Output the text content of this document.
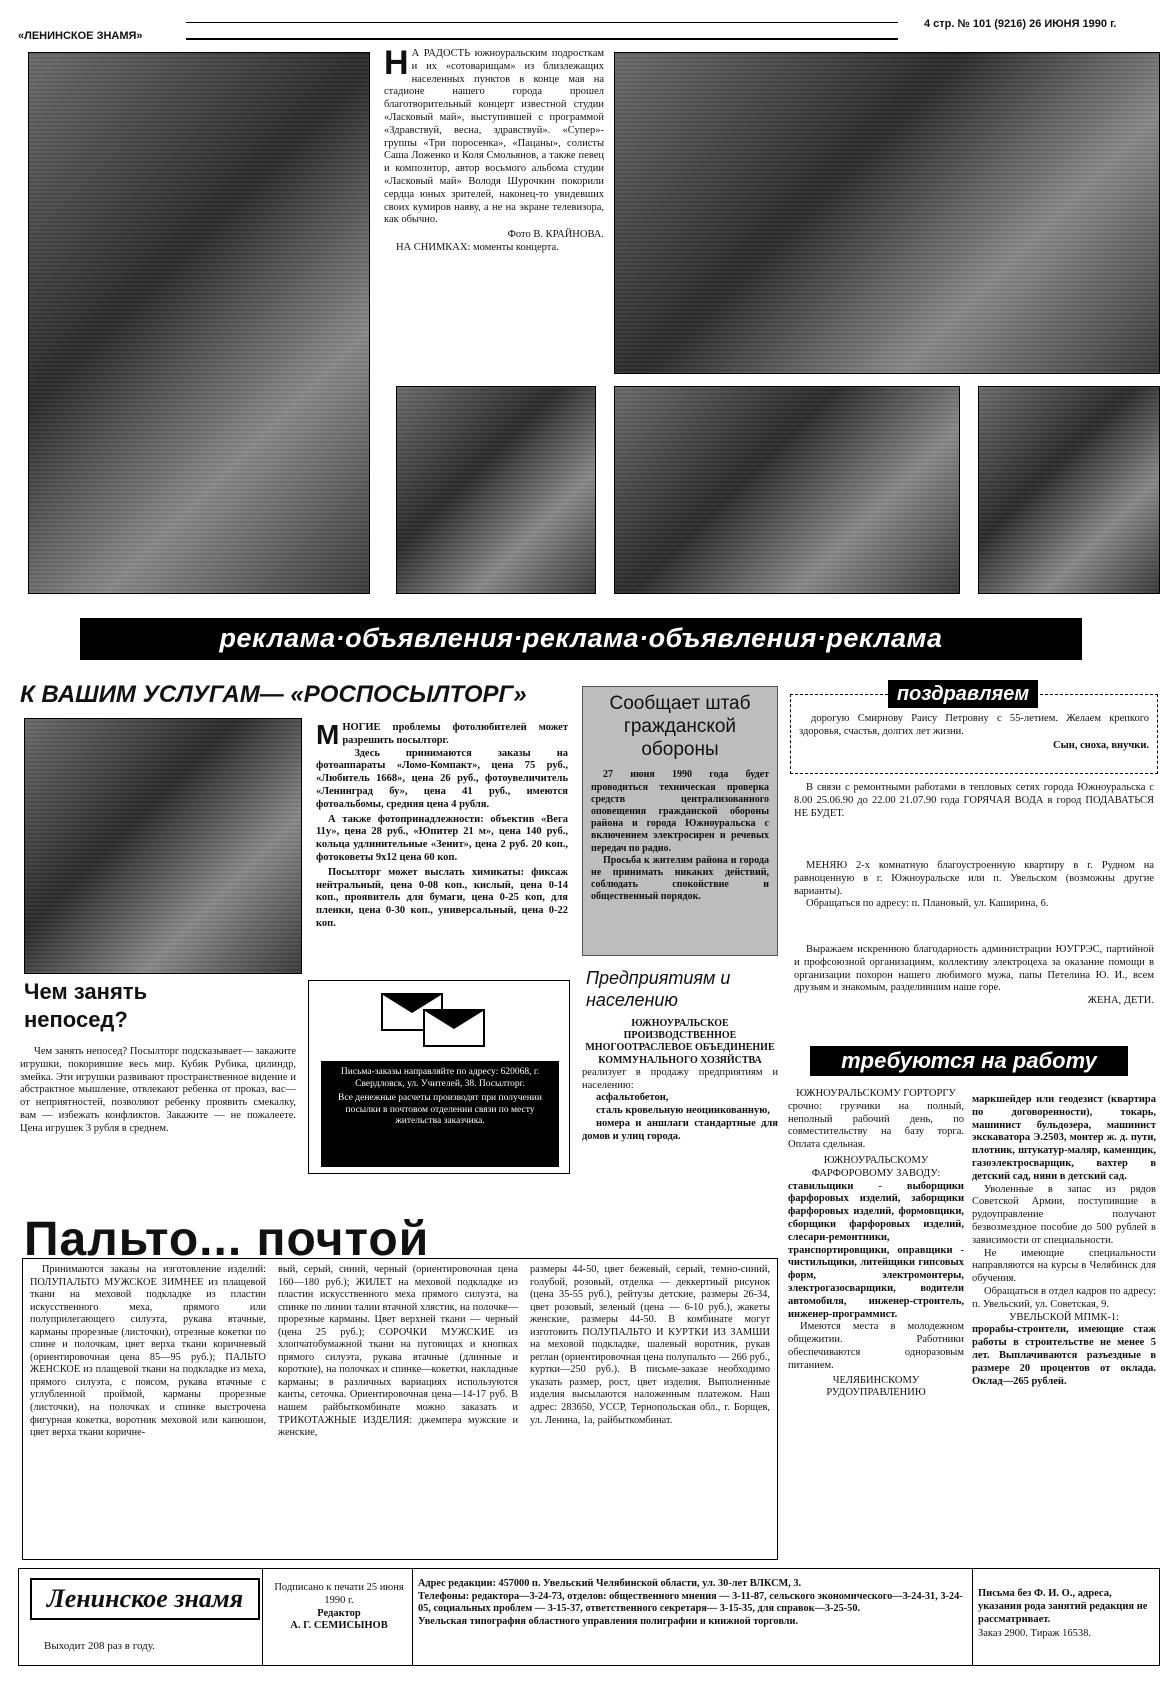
«ЛЕНИНСКОЕ ЗНАМЯ»
4 стр. № 101 (9216) 26 ИЮНЯ 1990 г.
Н А РАДОСТЬ южноуральским подросткам и их «сотоварищам» из близлежащих населенных пунктов в конце мая на стадионе нашего города прошел благотворительный концерт известной студии «Ласковый май», выступившей с программой «Здравствуй, весна, здравствуй». «Супер»-группы «Три поросенка», «Пацаны», солисты Саша Ложенко и Коля Смольянов, а также певец и композитор, автор восьмого альбома студии «Ласковый май» Володя Шурочкин покорили сердца юных зрителей, наконец-то увидевших своих кумиров наяву, а не на экране телевизора, как обычно.
Фото В. КРАЙНОВА.
НА СНИМКАХ: моменты концерта.
реклама·объявления·реклама·объявления·реклама
К ВАШИМ УСЛУГАМ— «РОСПОСЫЛТОРГ»
М НОГИЕ проблемы фотолюбителей может разрешить посылторг.

Здесь принимаются заказы на фотоаппараты «Ломо-Компакт», цена 75 руб., «Любитель 1668», цена 26 руб., фотоувеличитель «Ленинград бу», цена 41 руб., имеются фотоальбомы, средняя цена 4 рубля.

А также фотопринадлежности: объектив «Вега 11у», цена 28 руб., «Юпитер 21 м», цена 140 руб., кольца удлинительные «Зенит», цена 2 руб. 20 коп., фотоковеты 9х12 цена 60 коп.

Посылторг может выслать химикаты: фиксаж нейтральный, цена 0-08 коп., кислый, цена 0-14 коп., проявитель для бумаги, цена 0-25 коп, для пленки, цена 0-30 коп., универсальный, цена 0-22 коп.

Чем занять непосед?
Чем занять непосед? Посылторг подсказывает— закажите игрушки, покорившие весь мир. Кубик Рубика, цилиндр, змейка. Эти игрушки развивают пространственное видение и абстрактное мышление, отвлекают ребенка от проказ, вас—от неприятностей, позволяют ребенку проявить смекалку, вам — избежать конфликтов. Закажите — не пожалеете. Цена игрушек 3 рубля в среднем.
Письма-заказы направляйте по адресу: 620068, г. Свердловск, ул. Учителей, 38. Посылторг.
Все денежные расчеты производят при получении посылки в почтовом отделении связи по месту жительства заказчика.
Сообщает штаб гражданской обороны
27 июня 1990 года будет проводиться техническая проверка средств централизованного оповещения гражданской обороны района и города Южноуральска с включением электросирен и речевых передач по радио.
Просьба к жителям района и города не принимать никаких действий, соблюдать спокойствие и общественный порядок.
Предприятиям и населению
ЮЖНОУРАЛЬСКОЕ ПРОИЗВОДСТВЕННОЕ МНОГООТРАСЛЕВОЕ ОБЪЕДИНЕНИЕ КОММУНАЛЬНОГО ХОЗЯЙСТВА
реализует в продажу предприятиям и населению:
асфальтобетон,
сталь кровельную неоцинкованную,
номера и аншлаги стандартные для домов и улиц города.
дорогую Смирнову Раису Петровну с 55-летием. Желаем крепкого здоровья, счастья, долгих лет жизни.
Сын, сноха, внучки.
поздравляем
В связи с ремонтными работами в тепловых сетях города Южноуральска с 8.00 25.06.90 до 22.00 21.07.90 года ГОРЯЧАЯ ВОДА в город ПОДАВАТЬСЯ НЕ БУДЕТ.
МЕНЯЮ 2-х комнатную благоустроенную квартиру в г. Рудном на равноценную в г. Южноуральске или п. Увельском (возможны другие варианты).
Обращаться по адресу: п. Плановый, ул. Каширина, 6.
Выражаем искреннюю благодарность администрации ЮУГРЭС, партийной и профсоюзной организациям, коллективу электроцеха за оказание помощи в организации похорон нашего любимого мужа, папы Петелина Ю. И., всем друзьям и знакомым, разделившим наше горе.
ЖЕНА, ДЕТИ.
требуются на работу
ЮЖНОУРАЛЬСКОМУ ГОРТОРГУ
срочно: грузчики на полный, неполный рабочий день, по совместительству на базу торга. Оплата сдельная.
ЮЖНОУРАЛЬСКОМУ ФАРФОРОВОМУ ЗАВОДУ:
ставильщики - выборщики фарфоровых изделий, заборщики фарфоровых изделий, формовщики, сборщики фарфоровых изделий, слесари-ремонтники, транспортировщики, оправщики - чистильщики, литейщики гипсовых форм, электромонтеры, электрогазосварщики, водители автомобиля, инженер-строитель, инженер-программист.
Имеются места в молодежном общежитии. Работники обеспечиваются одноразовым питанием.
ЧЕЛЯБИНСКОМУ РУДОУПРАВЛЕНИЮ
маркшейдер или геодезист (квартира по договоренности), токарь, машинист бульдозера, машинист экскаватора Э.2503, монтер ж. д. пути, плотник, штукатур-маляр, каменщик, газоэлектросварщик, вахтер в детский сад, няни в детский сад.
Уволенные в запас из рядов Советской Армии, поступившие в рудоуправление получают безвозмездное пособие до 500 рублей в зависимости от специальности.
Не имеющие специальности направляются на курсы в Челябинск для обучения.
Обращаться в отдел кадров по адресу: п. Увельский, ул. Советская, 9.
УВЕЛЬСКОЙ МПМК-1:
прорабы-строители, имеющие стаж работы в строительстве не менее 5 лет. Выплачиваются разъездные в размере 20 процентов от оклада. Оклад—265 рублей.
Пальто... почтой
Принимаются заказы на изготовление изделий: ПОЛУПАЛЬТО МУЖСКОЕ ЗИМНЕЕ из плащевой ткани на меховой подкладке из пластин искусственного меха, прямого или полуприлегающего силуэта, рукава втачные, карманы прорезные (листочки), отрезные кокетки по спине и полочкам, цвет верха ткани коричневый (ориентировочная цена 85—95 руб.); ПАЛЬТО ЖЕНСКОЕ из плащевой ткани на подкладке из меха, прямого силуэта, с поясом, рукава втачные с углубленной проймой, карманы прорезные (листочки), на полочках и спинке выстрочена фигурная кокетка, воротник меховой или капюшон, цвет верха ткани коричне-
вый, серый, синий, черный (ориентировочная цена 160—180 руб.); ЖИЛЕТ на меховой подкладке из пластин искусственного меха прямого силуэта, на спинке по линии талии втачной хлястик, на полочке—прорезные карманы. Цвет верхней ткани — черный (цена 25 руб.); СОРОЧКИ МУЖСКИЕ из хлопчатобумажной ткани на пуговицах и кнопках прямого силуэта, рукава втачные (длинные и короткие), на полочках и спинке—кокетки, накладные карманы; в различных вариациях используются канты, сеточка. Ориентировочная цена—14-17 руб. В нашем райбыткомбинате можно заказать и ТРИКОТАЖНЫЕ ИЗДЕЛИЯ: джемпера мужские и женские,
размеры 44-50, цвет бежевый, серый, темно-синий, голубой, розовый, отделка — деккертный рисунок (цена 35-55 руб.), рейтузы детские, размеры 26-34, цвет розовый, зеленый (цена — 6-10 руб.), жакеты женские, размеры 44-50. В комбинате могут изготовить ПОЛУПАЛЬТО И КУРТКИ ИЗ ЗАМШИ на меховой подкладке, шалевый воротник, рукав реглан (ориентировочная цена полупальто — 266 руб., куртки—250 руб.). В письме-заказе необходимо указать размер, рост, цвет изделия. Выполненные изделия высылаются наложенным платежом. Наш адрес: 283650, УССР, Тернопольская обл., г. Борщев, ул. Ленина, 1а, райбыткомбинат.
Ленинское знамя
Выходит 208 раз в году.
Подписано к печати 25 июня 1990 г.
Редактор
А. Г. СЕМИСЫНОВ
Адрес редакции: 457000 п. Увельский Челябинской области, ул. 30-лет ВЛКСМ, 3.
Телефоны: редактора—3-24-73, отделов: общественного мнения — 3-11-87, сельского экономического—3-24-31, 3-24-05, социальных проблем — 3-15-37, ответственного секретаря— 3-15-35, для справок—3-25-50.
Увельская типография областного управления полиграфии и книжной торговли.
Письма без Ф. И. О., адреса, указания рода занятий редакция не рассматривает.
Заказ 2900. Тираж 16538.
